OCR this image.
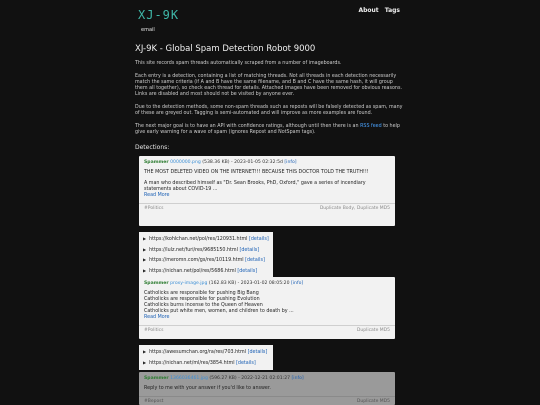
XJ-9K
email
About Tags
XJ-9K - Global Spam Detection Robot 9000

This site records spam threads automatically scraped from a number of imageboards.

Each entry is a detection, containing a list of matching threads. Not all threads in each detection necessarily match the same criteria (if A and B have the same filename, and B and C have the same hash, it will group them all together), so check each thread for details. Attached images have been removed for obvious reasons. Links are disabled and most should not be visited by anyone ever.

Due to the detection methods, some non-spam threads such as reposts will be falsely detected as spam, many of these are greyed out. Tagging is semi-automated and will improve as more examples are found.

The next major goal is to have an API with confidence ratings, although until then there is an RSS feed to help give early warning for a wave of spam (ignores Repost and NotSpam tags).

Detections:
Spammer 0000000.png (538.36 KB) - 2023-01-05 02:32:5d [info]
THE MOST DELETED VIDEO ON THE INTERNET!!! BECAUSE THIS DOCTOR TOLD THE TRUTH!!!
A man who described himself as "Dr. Sean Brooks, PhD, Oxford," gave a series of incendiary statements about COVID-19 ...
Read More
#Politics	Duplicate Body, Duplicate MD5
▶ https://kohlchan.net/pol/res/120931.html [details]
▶ https://lulz.net/furi/res/9685150.html [details]
▶ https://meromn.com/gs/res/10119.html [details]
▶ https://nichan.net/pol/res/5686.html [details]
Spammer proxy-image.jpg (162.83 KB) - 2023-01-02 08:05:20 [info]
Catholicks are responsible for pushing Big Bang
Catholicks are responsible for pushing Evolution
Catholicks burns incense to the Queen of Heaven
Catholicks put white men, women, and children to death by ...
Read More
#Politics	Duplicate MD5
▶ https://awesumchan.org/ra/res/703.html [details]
▶ https://nichan.net/ml/res/3854.html [details]
Spammer 1366036461.jpg (596.27 KB) - 2022-12-21 02:01:27 [info]
Reply to me with your answer if you'd like to answer.
#Bepost	Duplicate MD5
